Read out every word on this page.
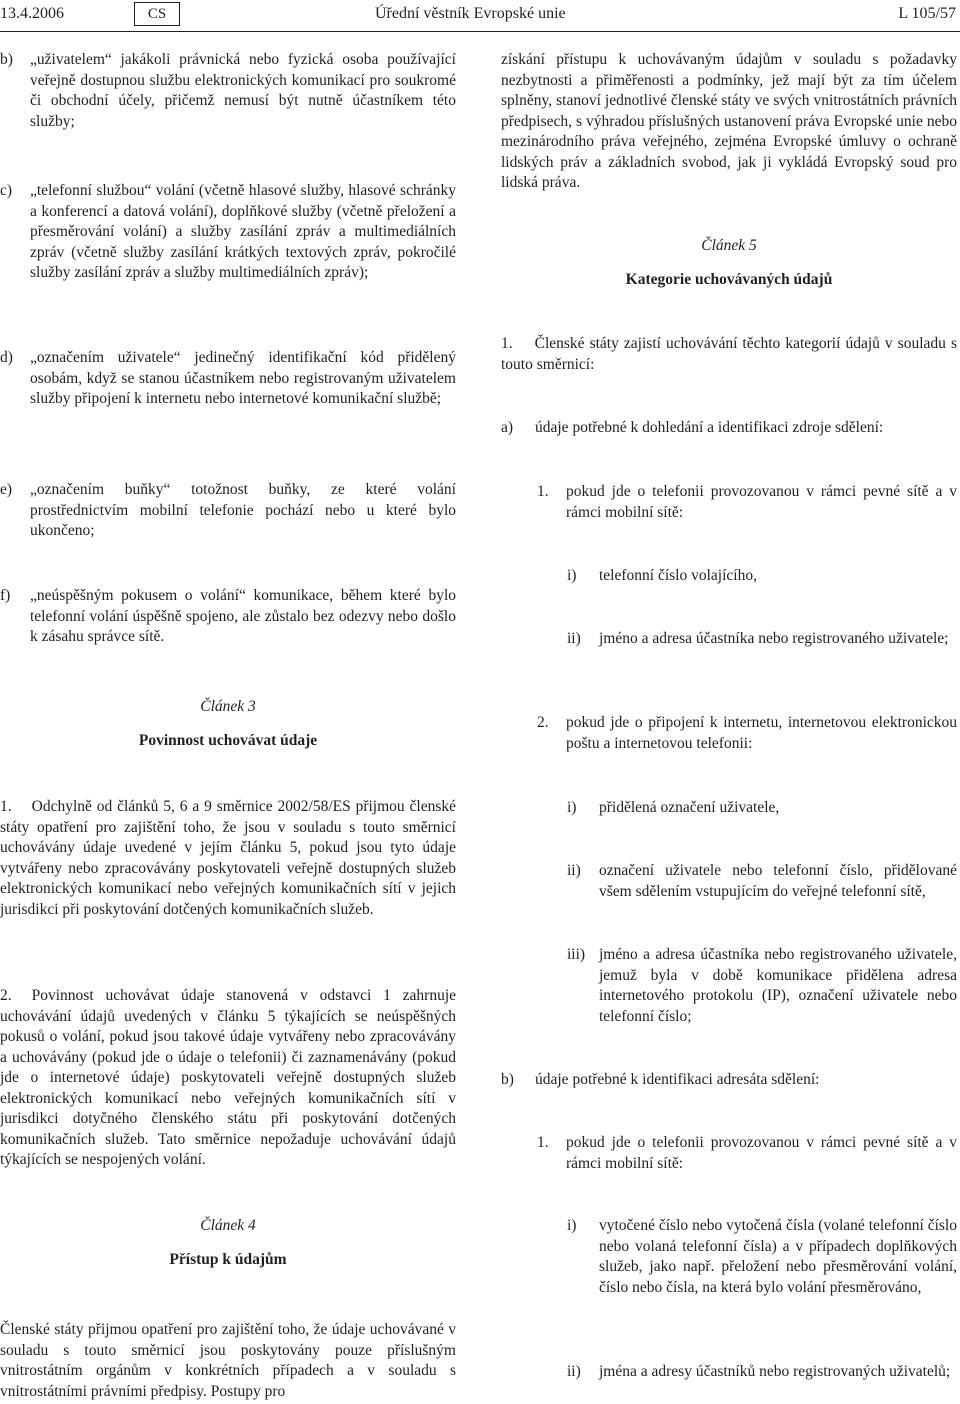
13.4.2006	CS	Úřední věstník Evropské unie	L 105/57
b) „uživatelem“ jakákoli právnická nebo fyzická osoba používající veřejně dostupnou službu elektronických komunikací pro soukromé či obchodní účely, přičemž nemusí být nutně účastníkem této služby;
c) „telefonní službou“ volání (včetně hlasové služby, hlasové schránky a konferencí a datová volání), doplňkové služby (včetně přeložení a přesměrování volání) a služby zasílání zpráv a multimediálních zpráv (včetně služby zasílání krátkých textových zpráv, pokročilé služby zasílání zpráv a služby multimediálních zpráv);
d) „označením uživatele“ jedinečný identifikační kód přidělený osobám, když se stanou účastníkem nebo registrovaným uživatelem služby připojení k internetu nebo internetové komunikační službě;
e) „označením buňky“ totožnost buňky, ze které volání prostřednictvím mobilní telefonie pochází nebo u které bylo ukončeno;
f) „neúspěšným pokusem o volání“ komunikace, během které bylo telefonní volání úspěšně spojeno, ale zůstalo bez odezvy nebo došlo k zásahu správce sítě.
Článek 3
Povinnost uchovávat údaje

1. Odchylně od článků 5, 6 a 9 směrnice 2002/58/ES přijmou členské státy opatření pro zajištění toho, že jsou v souladu s touto směrnicí uchovávány údaje uvedené v jejím článku 5, pokud jsou tyto údaje vytvářeny nebo zpracovávány poskytovateli veřejně dostupných služeb elektronických komunikací nebo veřejných komunikačních sítí v jejich jurisdikci při poskytování dotčených komunikačních služeb.

2. Povinnost uchovávat údaje stanovená v odstavci 1 zahrnuje uchovávání údajů uvedených v článku 5 týkajících se neúspěšných pokusů o volání, pokud jsou takové údaje vytvářeny nebo zpracovávány a uchovávány (pokud jde o údaje o telefonii) či zaznamenávány (pokud jde o internetové údaje) poskytovateli veřejně dostupných služeb elektronických komunikací nebo veřejných komunikačních sítí v jurisdikci dotyčného členského státu při poskytování dotčených komunikačních služeb. Tato směrnice nepožaduje uchovávání údajů týkajících se nespojených volání.

Článek 4
Přístup k údajům
Členské státy přijmou opatření pro zajištění toho, že údaje uchovávané v souladu s touto směrnicí jsou poskytovány pouze příslušným vnitrostátním orgánům v konkrétních případech a v souladu s vnitrostátními právními předpisy. Postupy pro
získání přístupu k uchovávaným údajům v souladu s požadavky nezbytnosti a přiměřenosti a podmínky, jež mají být za tím účelem splněny, stanoví jednotlivé členské státy ve svých vnitrostátních právních předpisech, s výhradou příslušných ustanovení práva Evropské unie nebo mezinárodního práva veřejného, zejména Evropské úmluvy o ochraně lidských práv a základních svobod, jak ji vykládá Evropský soud pro lidská práva.
Článek 5
Kategorie uchovávaných údajů

1. Členské státy zajistí uchovávání těchto kategorií údajů v souladu s touto směrnicí:

a) údaje potřebné k dohledání a identifikaci zdroje sdělení:
1. pokud jde o telefonii provozovanou v rámci pevné sítě a v rámci mobilní sítě:
i) telefonní číslo volajícího,
ii) jméno a adresa účastníka nebo registrovaného uživatele;
2. pokud jde o připojení k internetu, internetovou elektronickou poštu a internetovou telefonii:
i) přidělená označení uživatele,
ii) označení uživatele nebo telefonní číslo, přidělované všem sdělením vstupujícím do veřejné telefonní sítě,
iii) jméno a adresa účastníka nebo registrovaného uživatele, jemuž byla v době komunikace přidělena adresa internetového protokolu (IP), označení uživatele nebo telefonní číslo;
b) údaje potřebné k identifikaci adresáta sdělení:
1. pokud jde o telefonii provozovanou v rámci pevné sítě a v rámci mobilní sítě:
i) vytočené číslo nebo vytočená čísla (volané telefonní číslo nebo volaná telefonní čísla) a v případech doplňkových služeb, jako např. přeložení nebo přesměrování volání, číslo nebo čísla, na která bylo volání přesměrováno,
ii) jména a adresy účastníků nebo registrovaných uživatelů;
